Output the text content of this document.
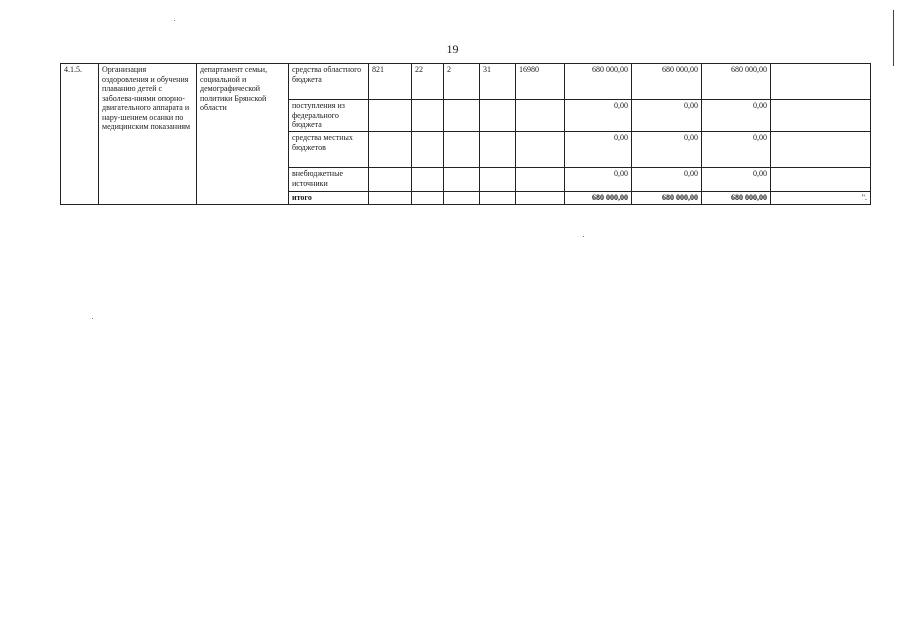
19
4.1.5.	Организация оздоровления и обучения плаванию детей с заболева-ниями опорно-двигательного аппарата и нару-шением осанки по медицинским показаниям	департамент семьи, социальной и демографической политики Брянской области	средства областного бюджета	821	22	2	31	16980	680 000,00	680 000,00	680 000,00	
			поступления из федерального бюджета						0,00	0,00	0,00	
			средства местных бюджетов						0,00	0,00	0,00	
			внебюджетные источники						0,00	0,00	0,00	
			итого						680 000,00	680 000,00	680 000,00	".
